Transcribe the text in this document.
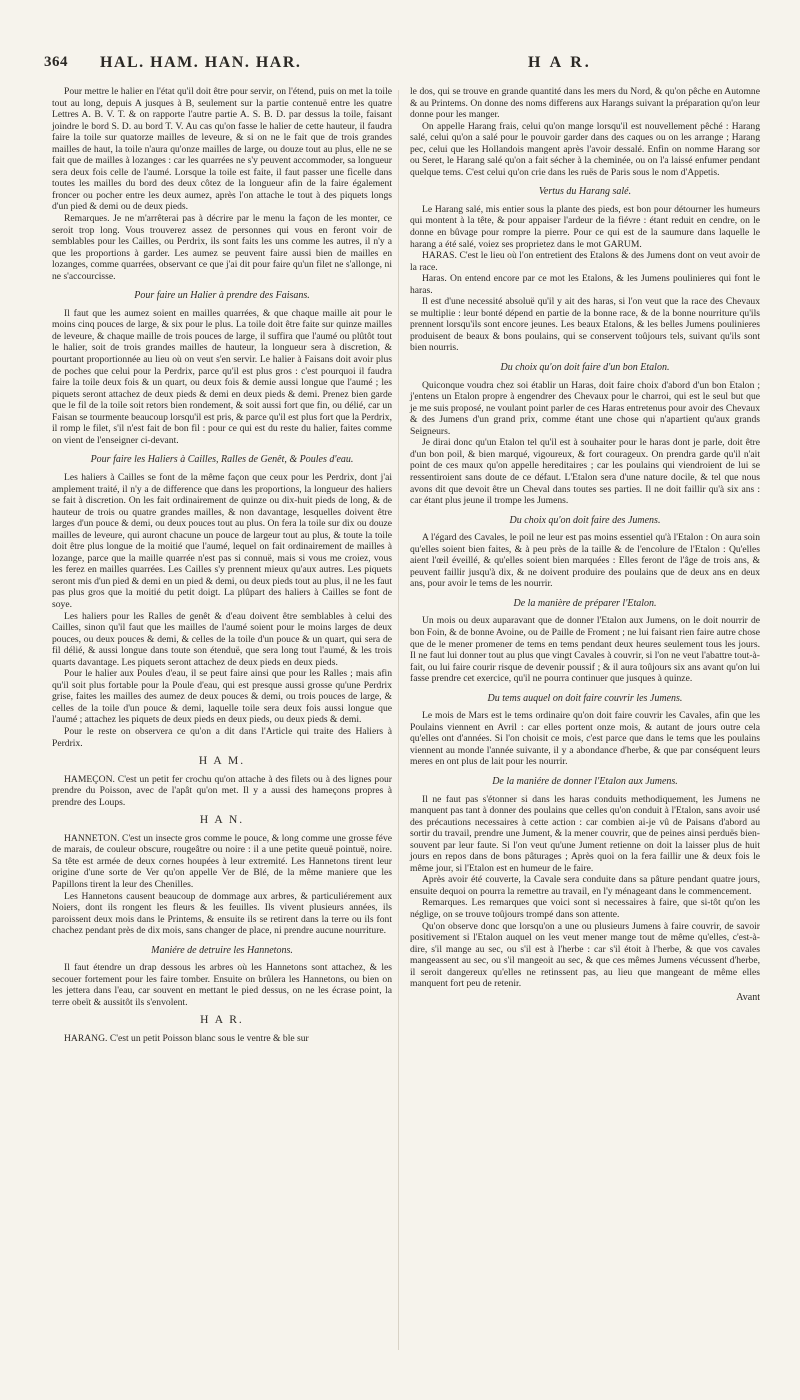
364 HAL. HAM. HAN. HAR.	H A R.

Pour mettre le halier en l'état qu'il doit être pour servir, on l'étend, puis on met la toile tout au long, depuis A jusques à B, seulement sur la partie contenuë entre les quatre Lettres A. B. V. T. & on rapporte l'autre partie A. S. B. D. par dessus la toile, faisant joindre le bord S. D. au bord T. V. Au cas qu'on fasse le halier de cette hauteur, il faudra faire la toile sur quatorze mailles de leveure, & si on ne le fait que de trois grandes mailles de haut, la toile n'aura qu'onze mailles de large, ou douze tout au plus, elle ne se fait que de mailles à lozanges : car les quarrées ne s'y peuvent accommoder, sa longueur sera deux fois celle de l'aumé. Lorsque la toile est faite, il faut passer une ficelle dans toutes les mailles du bord des deux côtez de la longueur afin de la faire également froncer ou pocher entre les deux aumez, après l'on attache le tout à des piquets longs d'un pied & demi ou de deux pieds.

Remarques. Je ne m'arrêterai pas à décrire par le menu la façon de les monter, ce seroit trop long. Vous trouverez assez de personnes qui vous en feront voir de semblables pour les Cailles, ou Perdrix, ils sont faits les uns comme les autres, il n'y a que les proportions à garder. Les aumez se peuvent faire aussi bien de mailles en lozanges, comme quarrées, observant ce que j'ai dit pour faire qu'un filet ne s'allonge, ni ne s'accourcisse.

Pour faire un Halier à prendre des Faisans.

Il faut que les aumez soient en mailles quarrées, & que chaque maille ait pour le moins cinq pouces de large, & six pour le plus. La toile doit être faite sur quinze mailles de leveure, & chaque maille de trois pouces de large, il suffira que l'aumé ou plûtôt tout le halier, soit de trois grandes mailles de hauteur, la longueur sera à discretion, & pourtant proportionnée au lieu où on veut s'en servir. Le halier à Faisans doit avoir plus de poches que celui pour la Perdrix, parce qu'il est plus gros : c'est pourquoi il faudra faire la toile deux fois & un quart, ou deux fois & demie aussi longue que l'aumé ; les piquets seront attachez de deux pieds & demi en deux pieds & demi. Prenez bien garde que le fil de la toile soit retors bien rondement, & soit aussi fort que fin, ou délié, car un Faisan se tourmente beaucoup lorsqu'il est pris, & parce qu'il est plus fort que la Perdrix, il romp le filet, s'il n'est fait de bon fil : pour ce qui est du reste du halier, faites comme on vient de l'enseigner ci-devant.

Pour faire les Haliers à Cailles, Ralles de Genêt, & Poules d'eau.

Les haliers à Cailles se font de la même façon que ceux pour les Perdrix, dont j'ai amplement traité, il n'y a de difference que dans les proportions, la longueur des haliers se fait à discretion. On les fait ordinairement de quinze ou dix-huit pieds de long, & de hauteur de trois ou quatre grandes mailles, & non davantage, lesquelles doivent être larges d'un pouce & demi, ou deux pouces tout au plus. On fera la toile sur dix ou douze mailles de leveure, qui auront chacune un pouce de largeur tout au plus, & toute la toile doit être plus longue de la moitié que l'aumé, lequel on fait ordinairement de mailles à lozange, parce que la maille quarrée n'est pas si connuë, mais si vous me croiez, vous les ferez en mailles quarrées. Les Cailles s'y prennent mieux qu'aux autres. Les piquets seront mis d'un pied & demi en un pied & demi, ou deux pieds tout au plus, il ne les faut pas plus gros que la moitié du petit doigt. La plûpart des haliers à Cailles se font de soye.

Les haliers pour les Ralles de genêt & d'eau doivent être semblables à celui des Cailles, sinon qu'il faut que les mailles de l'aumé soient pour le moins larges de deux pouces, ou deux pouces & demi, & celles de la toile d'un pouce & un quart, qui sera de fil délié, & aussi longue dans toute son étenduë, que sera long tout l'aumé, & les trois quarts davantage. Les piquets seront attachez de deux pieds en deux pieds.

Pour le halier aux Poules d'eau, il se peut faire ainsi que pour les Ralles ; mais afin qu'il soit plus fortable pour la Poule d'eau, qui est presque aussi grosse qu'une Perdrix grise, faites les mailles des aumez de deux pouces & demi, ou trois pouces de large, & celles de la toile d'un pouce & demi, laquelle toile sera deux fois aussi longue que l'aumé ; attachez les piquets de deux pieds en deux pieds, ou deux pieds & demi.

Pour le reste on observera ce qu'on a dit dans l'Article qui traite des Haliers à Perdrix.

H A M.

HAMEÇON. C'est un petit fer crochu qu'on attache à des filets ou à des lignes pour prendre du Poisson, avec de l'apât qu'on met. Il y a aussi des hameçons propres à prendre des Loups.

H A N.

HANNETON. C'est un insecte gros comme le pouce, & long comme une grosse féve de marais, de couleur obscure, rougeâtre ou noire : il a une petite queuë pointuë, noire. Sa tête est armée de deux cornes houpées à leur extremité. Les Hannetons tirent leur origine d'une sorte de Ver qu'on appelle Ver de Blé, de la même maniere que les Papillons tirent la leur des Chenilles.

Les Hannetons causent beaucoup de dommage aux arbres, & particuliérement aux Noiers, dont ils rongent les fleurs & les feuilles. Ils vivent plusieurs années, ils paroissent deux mois dans le Printems, & ensuite ils se retirent dans la terre ou ils font chachez pendant près de dix mois, sans changer de place, ni prendre aucune nourriture.

Maniére de detruire les Hannetons.

Il faut étendre un drap dessous les arbres où les Hannetons sont attachez, & les secouer fortement pour les faire tomber. Ensuite on brûlera les Hannetons, ou bien on les jettera dans l'eau, car souvent en mettant le pied dessus, on ne les écrase point, la terre obeït & aussitôt ils s'envolent.

H A R.

HARANG. C'est un petit Poisson blanc sous le ventre & ble sur

le dos, qui se trouve en grande quantité dans les mers du Nord, & qu'on pêche en Automne & au Printems. On donne des noms differens aux Harangs suivant la préparation qu'on leur donne pour les manger.

On appelle Harang frais, celui qu'on mange lorsqu'il est nouvellement pêché : Harang salé, celui qu'on a salé pour le pouvoir garder dans des caques ou on les arrange ; Harang pec, celui que les Hollandois mangent après l'avoir dessalé. Enfin on nomme Harang sor ou Seret, le Harang salé qu'on a fait sécher à la cheminée, ou on l'a laissé enfumer pendant quelque tems. C'est celui qu'on crie dans les ruës de Paris sous le nom d'Appetis.

Vertus du Harang salé.

Le Harang salé, mis entier sous la plante des pieds, est bon pour détourner les humeurs qui montent à la tête, & pour appaiser l'ardeur de la fiévre : étant reduit en cendre, on le donne en bûvage pour rompre la pierre. Pour ce qui est de la saumure dans laquelle le harang a été salé, voiez ses proprietez dans le mot GARUM.

HARAS. C'est le lieu où l'on entretient des Etalons & des Jumens dont on veut avoir de la race.

Haras. On entend encore par ce mot les Etalons, & les Jumens poulinieres qui font le haras.

Il est d'une necessité absoluë qu'il y ait des haras, si l'on veut que la race des Chevaux se multiplie : leur bonté dépend en partie de la bonne race, & de la bonne nourriture qu'ils prennent lorsqu'ils sont encore jeunes. Les beaux Etalons, & les belles Jumens poulinieres produisent de beaux & bons poulains, qui se conservent toûjours tels, suivant qu'ils sont bien nourris.

Du choix qu'on doit faire d'un bon Etalon.

Quiconque voudra chez soi établir un Haras, doit faire choix d'abord d'un bon Etalon ; j'entens un Etalon propre à engendrer des Chevaux pour le charroi, qui est le seul but que je me suis proposé, ne voulant point parler de ces Haras entretenus pour avoir des Chevaux & des Jumens d'un grand prix, comme étant une chose qui n'apartient qu'aux grands Seigneurs.

Je dirai donc qu'un Etalon tel qu'il est à souhaiter pour le haras dont je parle, doit être d'un bon poil, & bien marqué, vigoureux, & fort courageux. On prendra garde qu'il n'ait point de ces maux qu'on appelle hereditaires ; car les poulains qui viendroient de lui se ressentiroient sans doute de ce défaut. L'Etalon sera d'une nature docile, & tel que nous avons dit que devoit être un Cheval dans toutes ses parties. Il ne doit faillir qu'à six ans : car étant plus jeune il trompe les Jumens.

Du choix qu'on doit faire des Jumens.

A l'égard des Cavales, le poil ne leur est pas moins essentiel qu'à l'Etalon : On aura soin qu'elles soient bien faites, & à peu près de la taille & de l'encolure de l'Etalon : Qu'elles aient l'œil éveillé, & qu'elles soient bien marquées : Elles feront de l'âge de trois ans, & peuvent faillir jusqu'à dix, & ne doivent produire des poulains que de deux ans en deux ans, pour avoir le tems de les nourrir.

De la manière de préparer l'Etalon.

Un mois ou deux auparavant que de donner l'Etalon aux Jumens, on le doit nourrir de bon Foin, & de bonne Avoine, ou de Paille de Froment ; ne lui faisant rien faire autre chose que de le mener promener de tems en tems pendant deux heures seulement tous les jours. Il ne faut lui donner tout au plus que vingt Cavales à couvrir, si l'on ne veut l'abattre tout-à-fait, ou lui faire courir risque de devenir poussif ; & il aura toûjours six ans avant qu'on lui fasse prendre cet exercice, qu'il ne pourra continuer que jusques à quinze.

Du tems auquel on doit faire couvrir les Jumens.

Le mois de Mars est le tems ordinaire qu'on doit faire couvrir les Cavales, afin que les Poulains viennent en Avril : car elles portent onze mois, & autant de jours outre cela qu'elles ont d'années. Si l'on choisit ce mois, c'est parce que dans le tems que les poulains viennent au monde l'année suivante, il y a abondance d'herbe, & que par conséquent leurs meres en ont plus de lait pour les nourrir.

De la maniére de donner l'Etalon aux Jumens.

Il ne faut pas s'étonner si dans les haras conduits methodiquement, les Jumens ne manquent pas tant à donner des poulains que celles qu'on conduit à l'Etalon, sans avoir usé des précautions necessaires à cette action : car combien ai-je vû de Paisans d'abord au sortir du travail, prendre une Jument, & la mener couvrir, que de peines ainsi perduës bien-souvent par leur faute. Si l'on veut qu'une Jument retienne on doit la laisser plus de huit jours en repos dans de bons pâturages ; Après quoi on la fera faillir une & deux fois le même jour, si l'Etalon est en humeur de le faire.

Après avoir été couverte, la Cavale sera conduite dans sa pâture pendant quatre jours, ensuite dequoi on pourra la remettre au travail, en l'y ménageant dans le commencement.

Remarques. Les remarques que voici sont si necessaires à faire, que si-tôt qu'on les néglige, on se trouve toûjours trompé dans son attente.

Qu'on observe donc que lorsqu'on a une ou plusieurs Jumens à faire couvrir, de savoir positivement si l'Etalon auquel on les veut mener mange tout de même qu'elles, c'est-à-dire, s'il mange au sec, ou s'il est à l'herbe : car s'il étoit à l'herbe, & que vos cavales mangeassent au sec, ou s'il mangeoit au sec, & que ces mêmes Jumens vécussent d'herbe, il seroit dangereux qu'elles ne retinssent pas, au lieu que mangeant de même elles manquent fort peu de retenir.

Avant
